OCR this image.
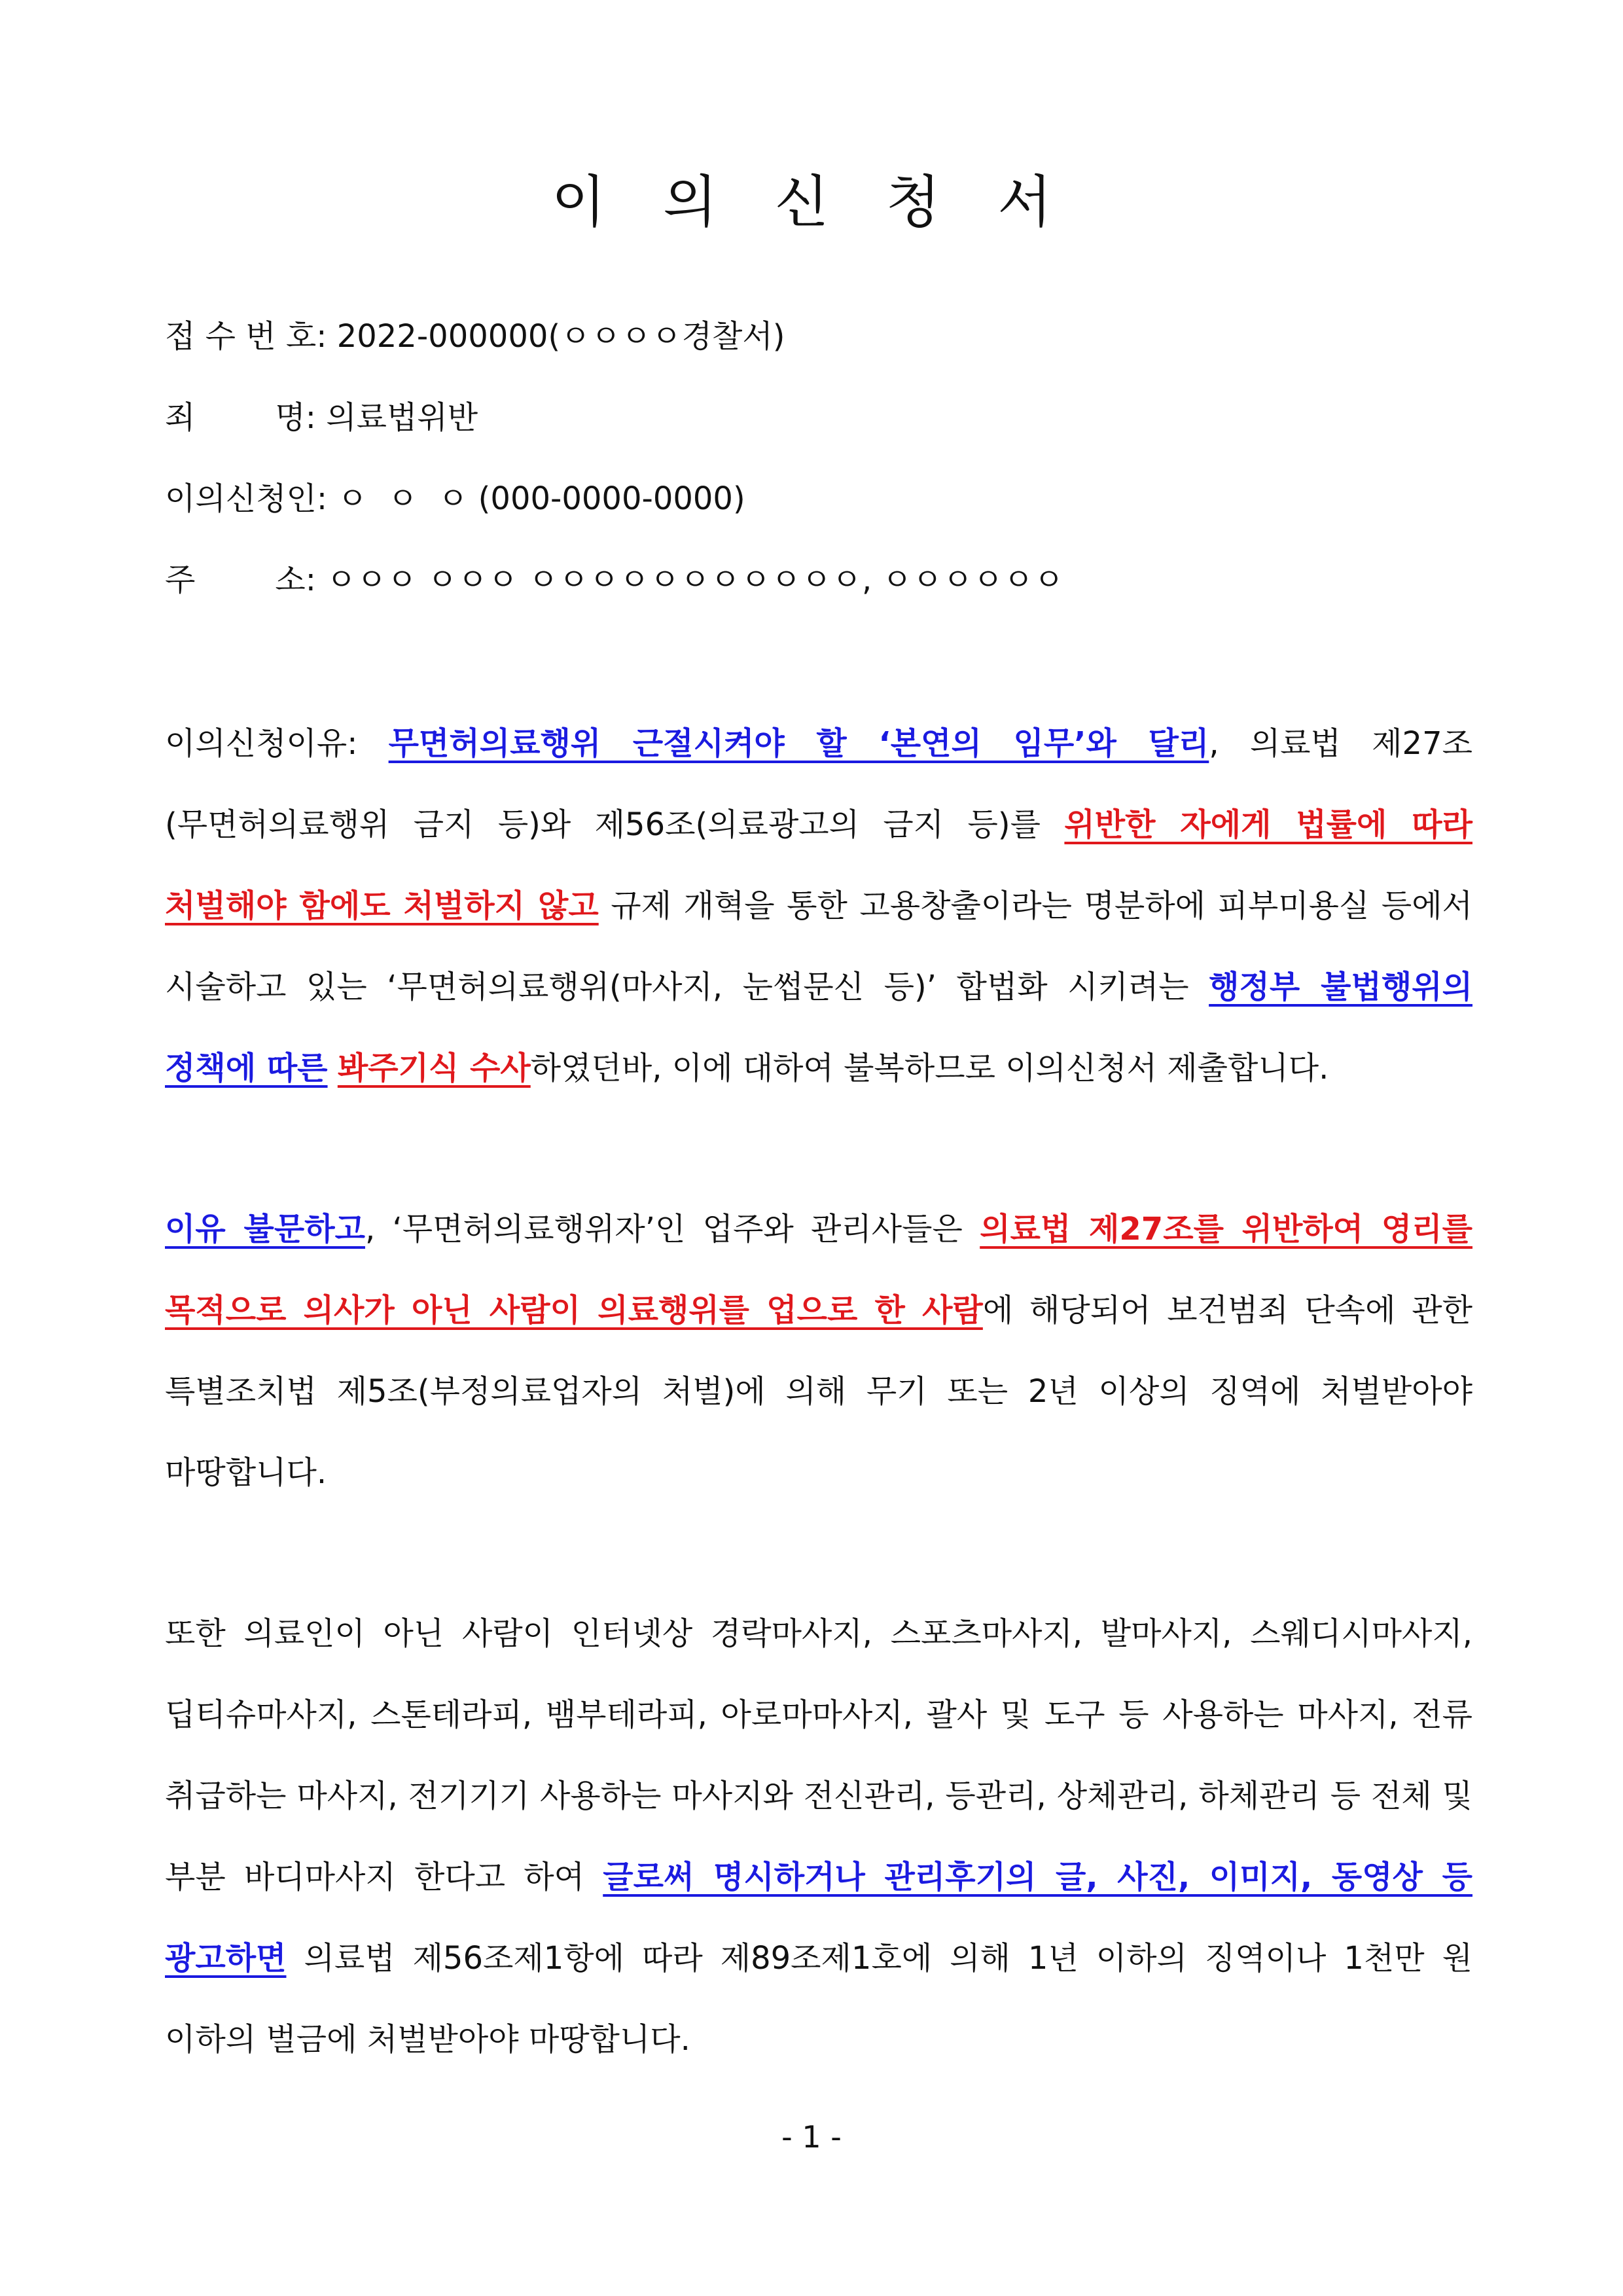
이 의 신 청 서
접 수 번 호: 2022-000000(ㅇㅇㅇㅇ경찰서)
죄        명: 의료법위반
이의신청인: ㅇ  ㅇ  ㅇ (000-0000-0000)
주        소: ㅇㅇㅇ ㅇㅇㅇ ㅇㅇㅇㅇㅇㅇㅇㅇㅇㅇㅇ, ㅇㅇㅇㅇㅇㅇ
이의신청이유: 무면허의료행위 근절시켜야 할 ‘본연의 임무’와 달리, 의료법 제27조(무면허의료행위 금지 등)와 제56조(의료광고의 금지 등)를 위반한 자에게 법률에 따라 처벌해야 함에도 처벌하지 않고 규제 개혁을 통한 고용창출이라는 명분하에 피부미용실 등에서 시술하고 있는 ‘무면허의료행위(마사지, 눈썹문신 등)’ 합법화 시키려는 행정부 불법행위의 정책에 따른 봐주기식 수사하였던바, 이에 대하여 불복하므로 이의신청서 제출합니다.
이유 불문하고, ‘무면허의료행위자’인 업주와 관리사들은 의료법 제27조를 위반하여 영리를 목적으로 의사가 아닌 사람이 의료행위를 업으로 한 사람에 해당되어 보건범죄 단속에 관한 특별조치법 제5조(부정의료업자의 처벌)에 의해 무기 또는 2년 이상의 징역에 처벌받아야 마땅합니다.
또한 의료인이 아닌 사람이 인터넷상 경락마사지, 스포츠마사지, 발마사지, 스웨디시마사지, 딥티슈마사지, 스톤테라피, 뱀부테라피, 아로마마사지, 괄사 및 도구 등 사용하는 마사지, 전류 취급하는 마사지, 전기기기 사용하는 마사지와 전신관리, 등관리, 상체관리, 하체관리 등 전체 및 부분 바디마사지 한다고 하여 글로써 명시하거나 관리후기의 글, 사진, 이미지, 동영상 등 광고하면 의료법 제56조제1항에 따라 제89조제1호에 의해 1년 이하의 징역이나 1천만 원 이하의 벌금에 처벌받아야 마땅합니다.
- 1 -
